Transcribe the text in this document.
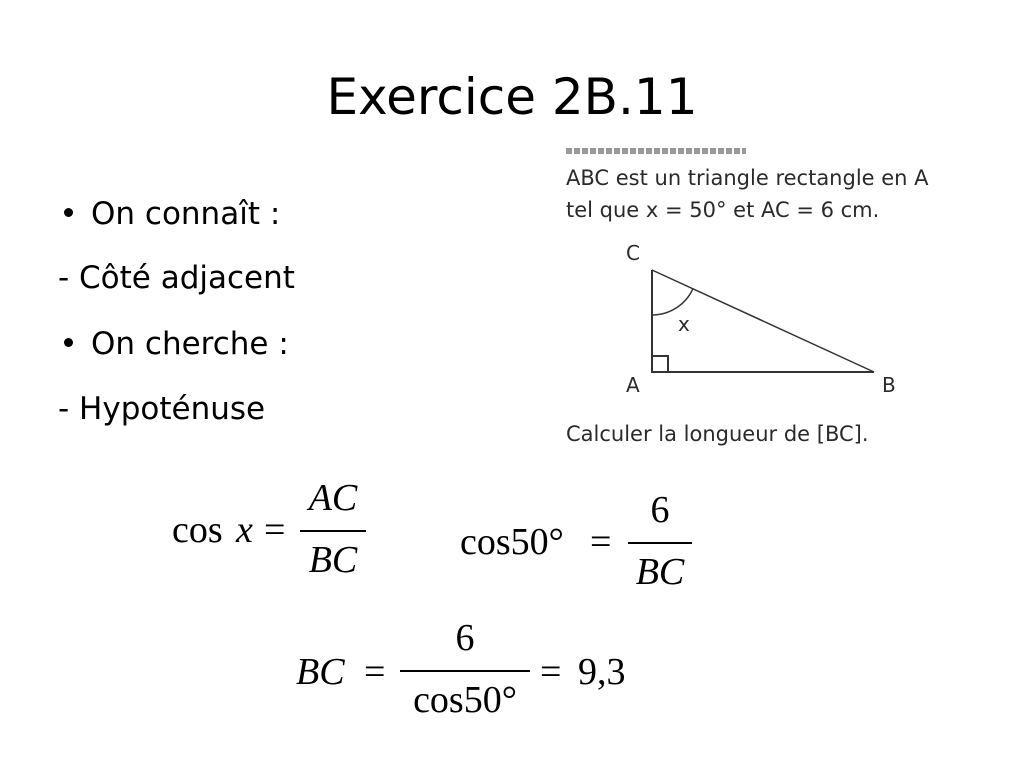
Exercice 2B.11
On connaît :
- Côté adjacent
On cherche :
- Hypoténuse
ABC est un triangle rectangle en A
tel que x = 50° et AC = 6 cm.
C
A	B
x
Calculer la longueur de [BC].
cos x =
AC
BC	cos50° =
6
BC
BC =
6
cos50°
= 9,3
